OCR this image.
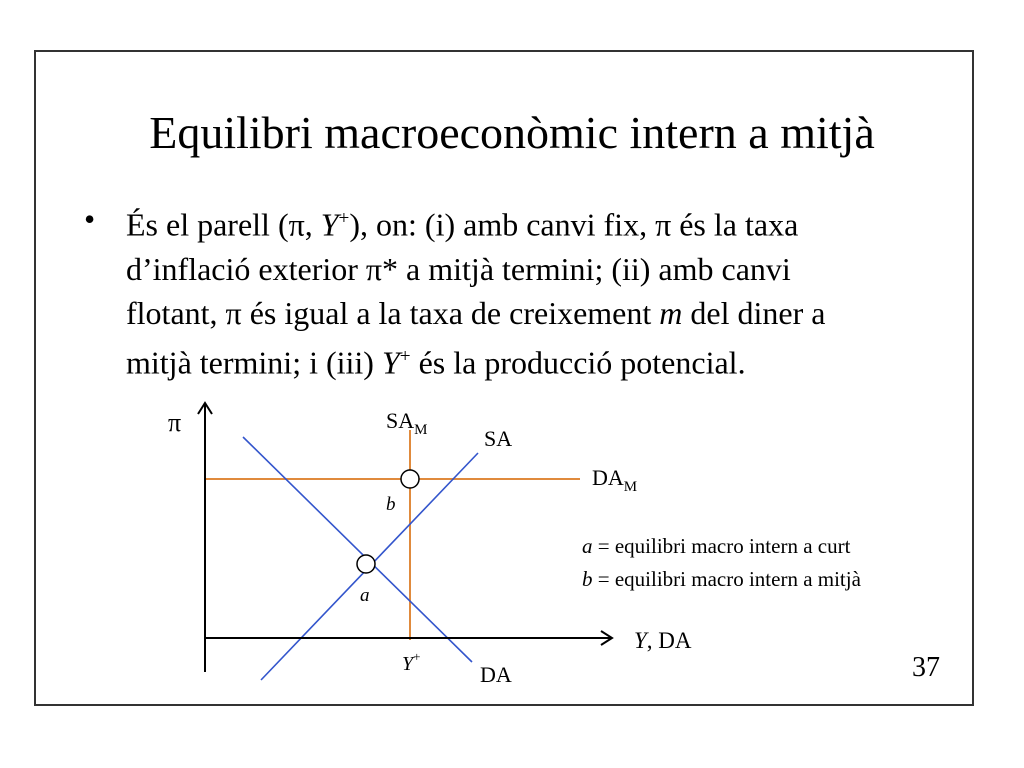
Equilibri macroeconòmic intern a mitjà
• És el parell (π, Y+), on: (i) amb canvi fix, π és la taxa
d’inflació exterior π* a mitjà termini; (ii) amb canvi
flotant, π és igual a la taxa de creixement m del diner a
mitjà termini; i (iii) Y+ és la producció potencial.
π
Y, DA
$SA_M$	SA
$DA_M$
DA
b
a
Y+
a = equilibri macro intern a curt
b = equilibri macro intern a mitjà
37
